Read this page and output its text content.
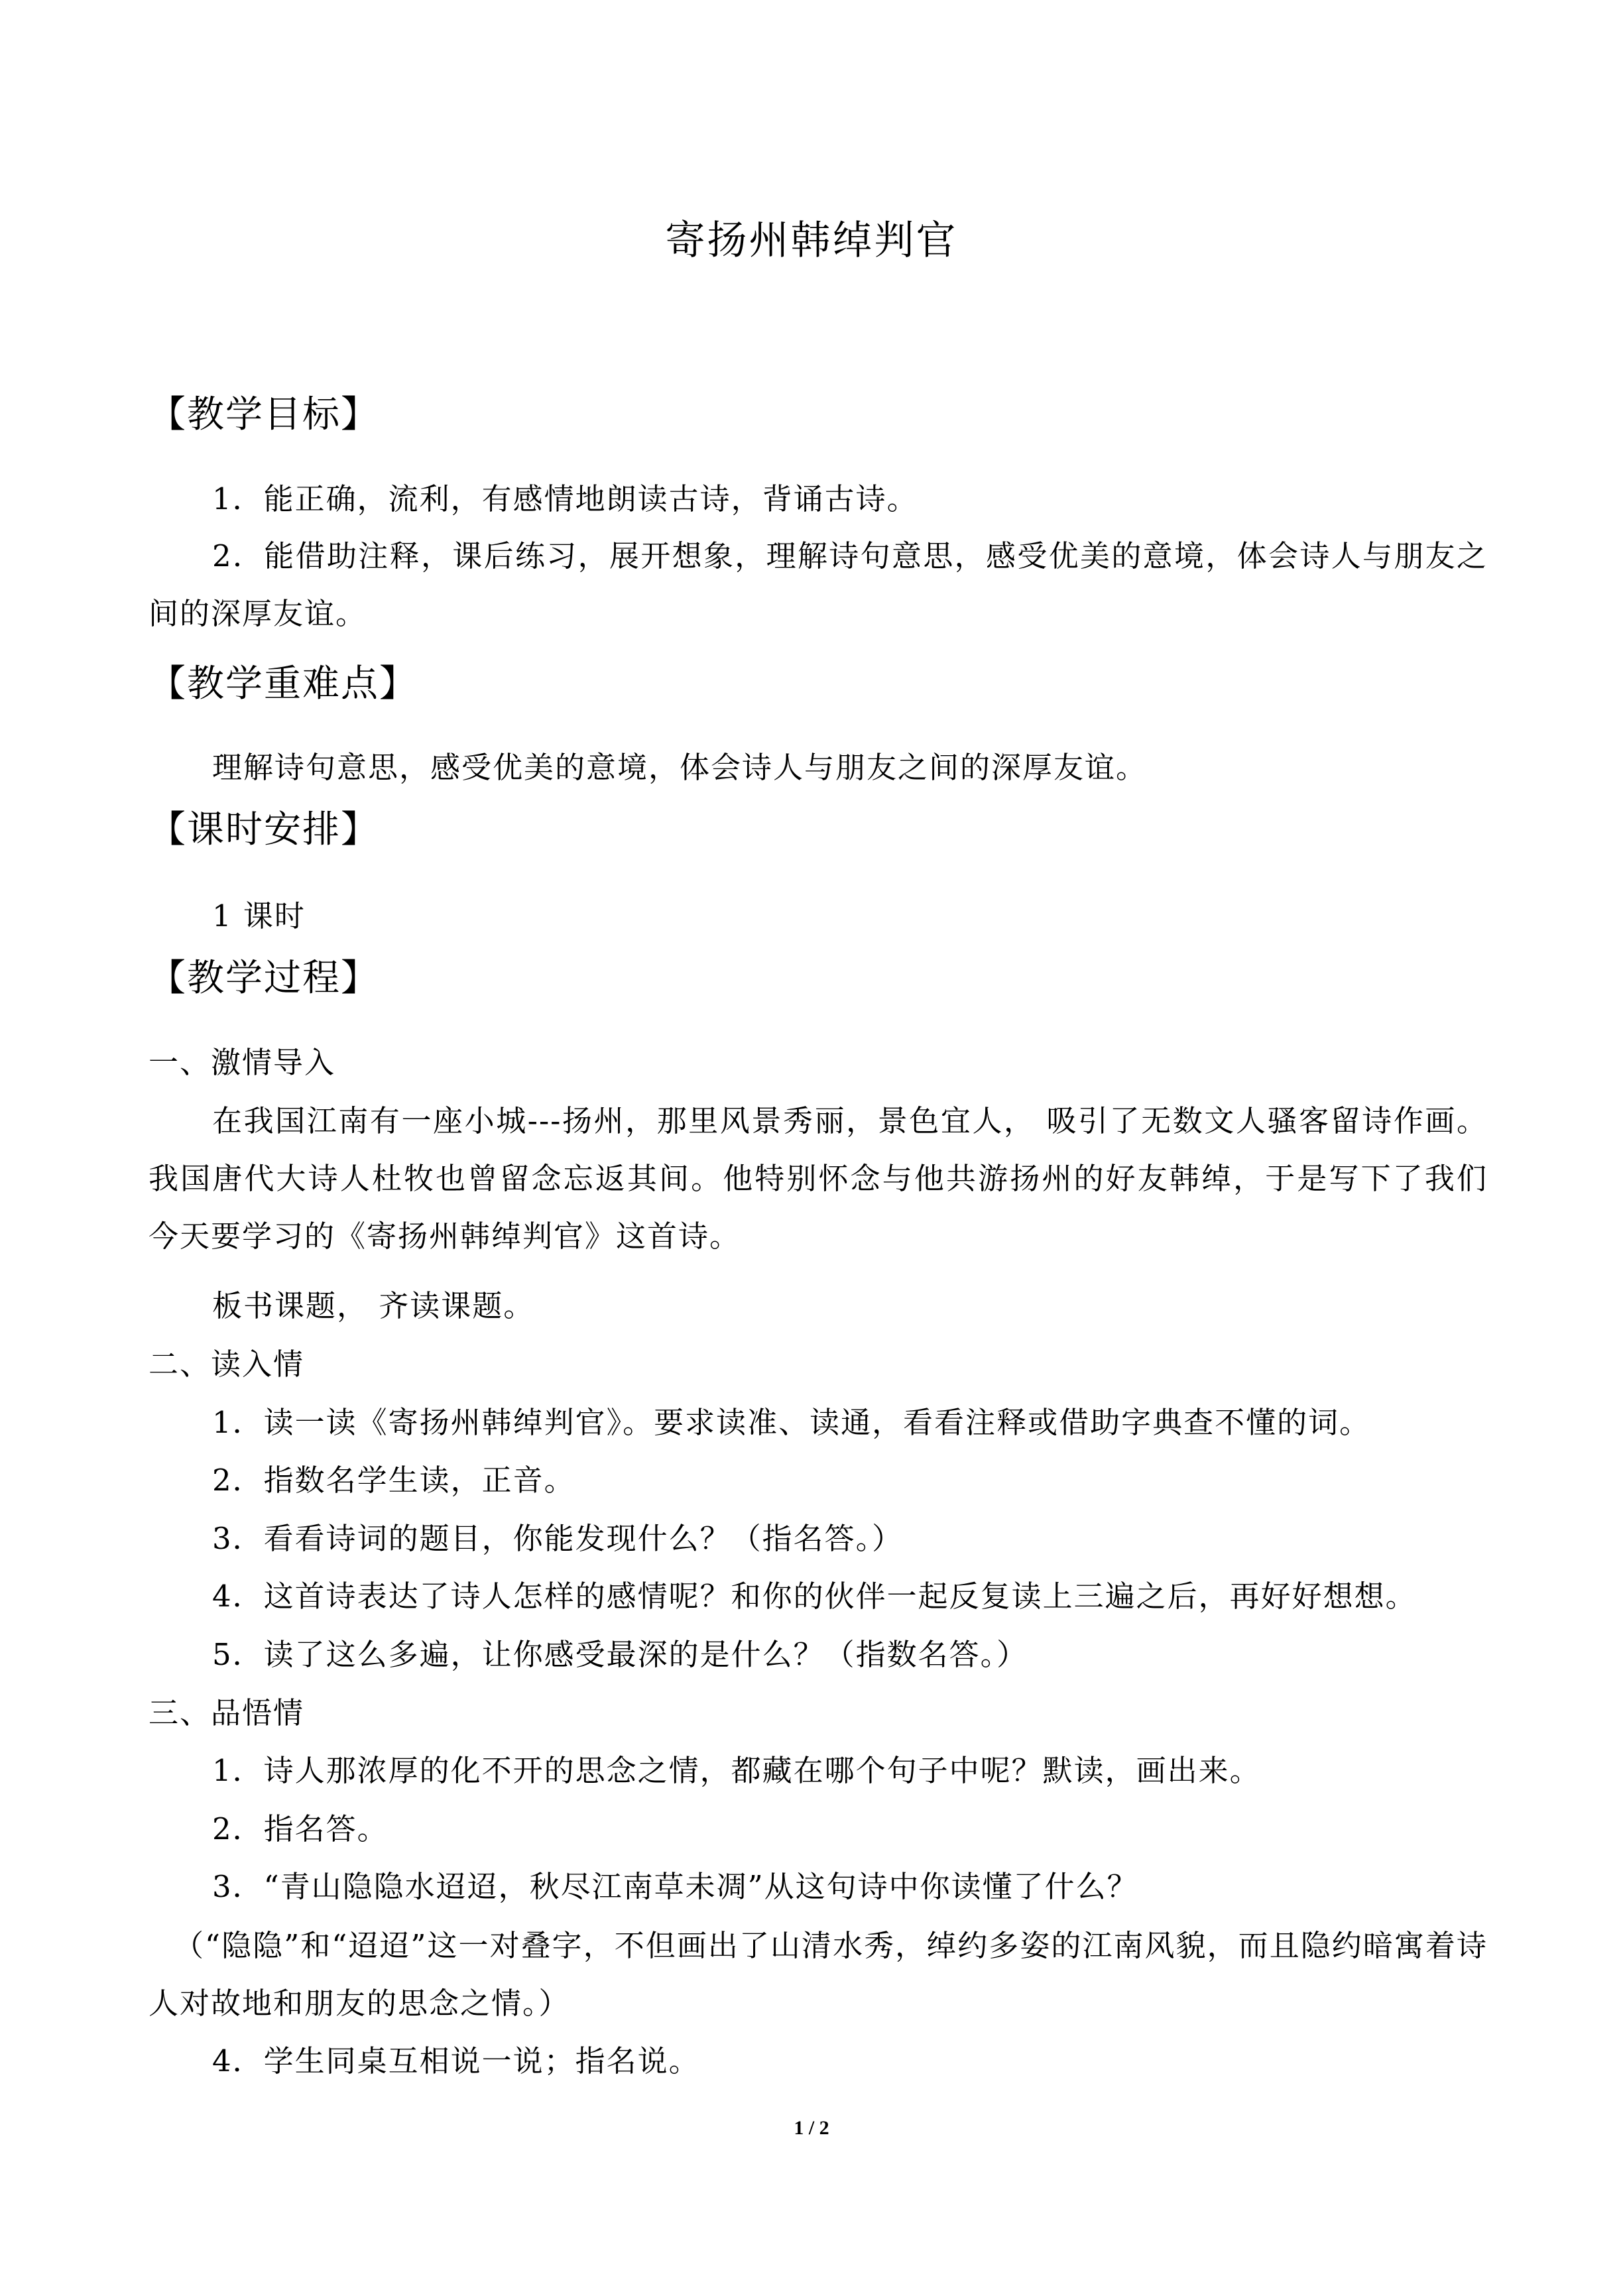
寄扬州韩绰判官
【教学目标】
1．能正确，流利，有感情地朗读古诗，背诵古诗。
2．能借助注释，课后练习，展开想象，理解诗句意思，感受优美的意境，体会诗人与朋友之间的深厚友谊。
【教学重难点】
理解诗句意思，感受优美的意境，体会诗人与朋友之间的深厚友谊。
【课时安排】
1 课时
【教学过程】
一、激情导入
在我国江南有一座小城---扬州，那里风景秀丽，景色宜人， 吸引了无数文人骚客留诗作画。我国唐代大诗人杜牧也曾留念忘返其间。他特别怀念与他共游扬州的好友韩绰，于是写下了我们今天要学习的《寄扬州韩绰判官》这首诗。
板书课题， 齐读课题。
二、读入情
1．读一读《寄扬州韩绰判官》。要求读准、读通，看看注释或借助字典查不懂的词。
2．指数名学生读，正音。
3．看看诗词的题目，你能发现什么？（指名答。）
4．这首诗表达了诗人怎样的感情呢？和你的伙伴一起反复读上三遍之后，再好好想想。
5．读了这么多遍，让你感受最深的是什么？（指数名答。）
三、品悟情
1．诗人那浓厚的化不开的思念之情，都藏在哪个句子中呢？默读，画出来。
2．指名答。
3．“青山隐隐水迢迢，秋尽江南草未凋”从这句诗中你读懂了什么？
（“隐隐”和“迢迢”这一对叠字，不但画出了山清水秀，绰约多姿的江南风貌，而且隐约暗寓着诗人对故地和朋友的思念之情。）
4．学生同桌互相说一说；指名说。
1 / 2
